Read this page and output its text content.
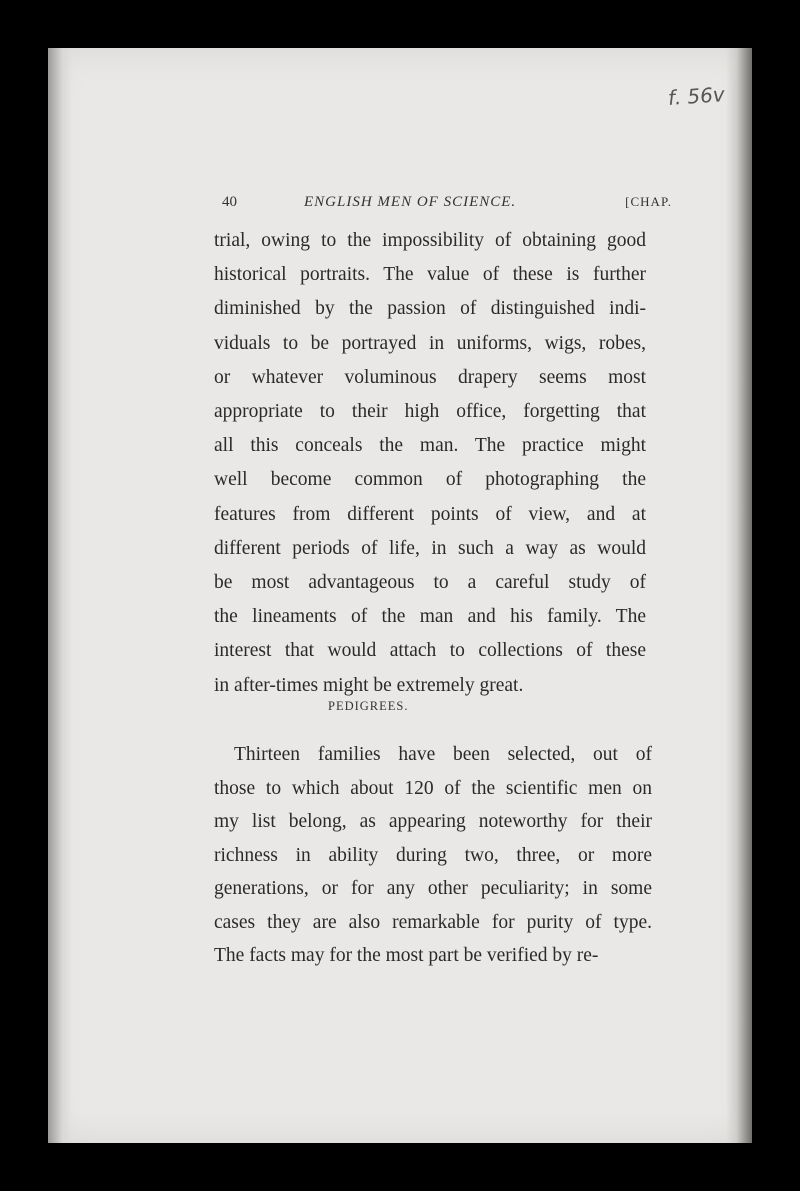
f. 56v
40	ENGLISH MEN OF SCIENCE.	[CHAP.
trial, owing to the impossibility of obtaining good
historical portraits. The value of these is further
diminished by the passion of distinguished indi-
viduals to be portrayed in uniforms, wigs, robes,
or whatever voluminous drapery seems most
appropriate to their high office, forgetting that
all this conceals the man. The practice might
well become common of photographing the
features from different points of view, and at
different periods of life, in such a way as would
be most advantageous to a careful study of
the lineaments of the man and his family. The
interest that would attach to collections of these
in after-times might be extremely great.
PEDIGREES.
Thirteen families have been selected, out of
those to which about 120 of the scientific men on
my list belong, as appearing noteworthy for their
richness in ability during two, three, or more
generations, or for any other peculiarity; in some
cases they are also remarkable for purity of type.
The facts may for the most part be verified by re-
